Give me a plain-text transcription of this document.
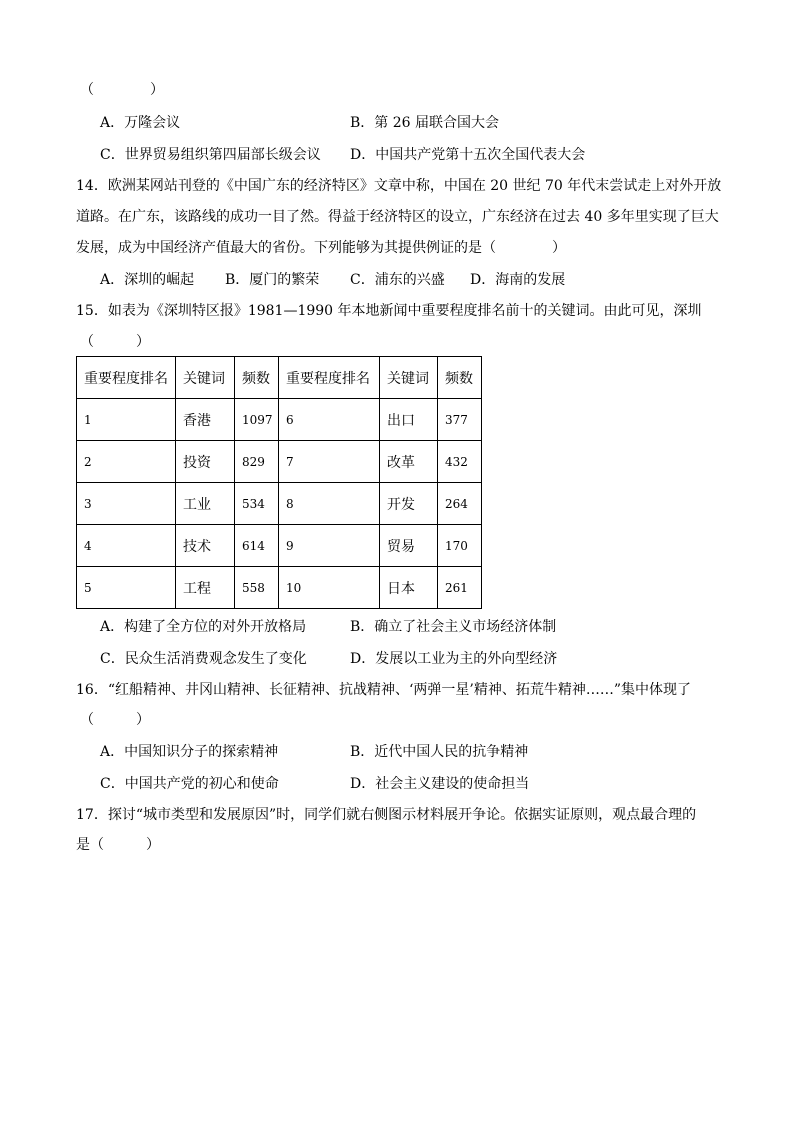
（　　　　）
A．万隆会议	B．第 26 届联合国大会
C．世界贸易组织第四届部长级会议 D．中国共产党第十五次全国代表大会
14．欧洲某网站刊登的《中国广东的经济特区》文章中称，中国在 20 世纪 70 年代末尝试走上对外开放
道路。在广东，该路线的成功一目了然。得益于经济特区的设立，广东经济在过去 40 多年里实现了巨大
发展，成为中国经济产值最大的省份。下列能够为其提供例证的是（　　　　）
A．深圳的崛起 B．厦门的繁荣 C．浦东的兴盛 D．海南的发展
15．如表为《深圳特区报》1981—1990 年本地新闻中重要程度排名前十的关键词。由此可见，深圳
（　　　）
重要程度排名	关键词	频数	重要程度排名	关键词	频数
1	香港	1097	6	出口	377
2	投资	829	7	改革	432
3	工业	534	8	开发	264
4	技术	614	9	贸易	170
5	工程	558	10	日本	261
A．构建了全方位的对外开放格局	B．确立了社会主义市场经济体制
C．民众生活消费观念发生了变化	D．发展以工业为主的外向型经济
16．“红船精神、井冈山精神、长征精神、抗战精神、‘两弹一星’精神、拓荒牛精神……”集中体现了
（　　　）
A．中国知识分子的探索精神	B．近代中国人民的抗争精神
C．中国共产党的初心和使命	D．社会主义建设的使命担当
17．探讨“城市类型和发展原因”时，同学们就右侧图示材料展开争论。依据实证原则，观点最合理的
是（　　　）
